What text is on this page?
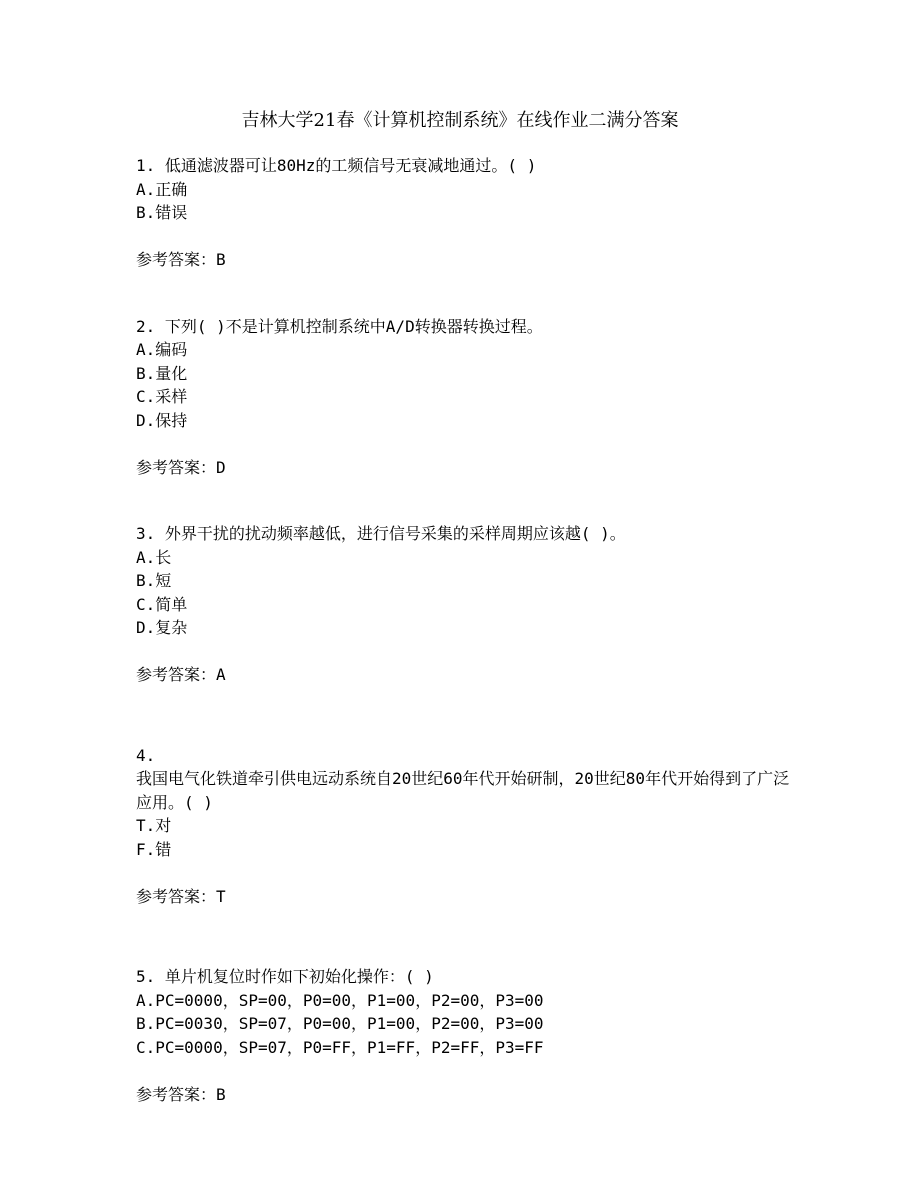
吉林大学21春《计算机控制系统》在线作业二满分答案
1. 低通滤波器可让80Hz的工频信号无衰减地通过。( )
A.正确
B.错误
参考答案：B
2. 下列( )不是计算机控制系统中A/D转换器转换过程。
A.编码
B.量化
C.采样
D.保持
参考答案：D
3. 外界干扰的扰动频率越低，进行信号采集的采样周期应该越( )。
A.长
B.短
C.简单
D.复杂
参考答案：A
4.
我国电气化铁道牵引供电远动系统自20世纪60年代开始研制，20世纪80年代开始得到了广泛应用。( )
T.对
F.错
参考答案：T
5. 单片机复位时作如下初始化操作：( )
A.PC=0000，SP=00，P0=00，P1=00，P2=00，P3=00
B.PC=0030，SP=07，P0=00，P1=00，P2=00，P3=00
C.PC=0000，SP=07，P0=FF，P1=FF，P2=FF，P3=FF
参考答案：B
